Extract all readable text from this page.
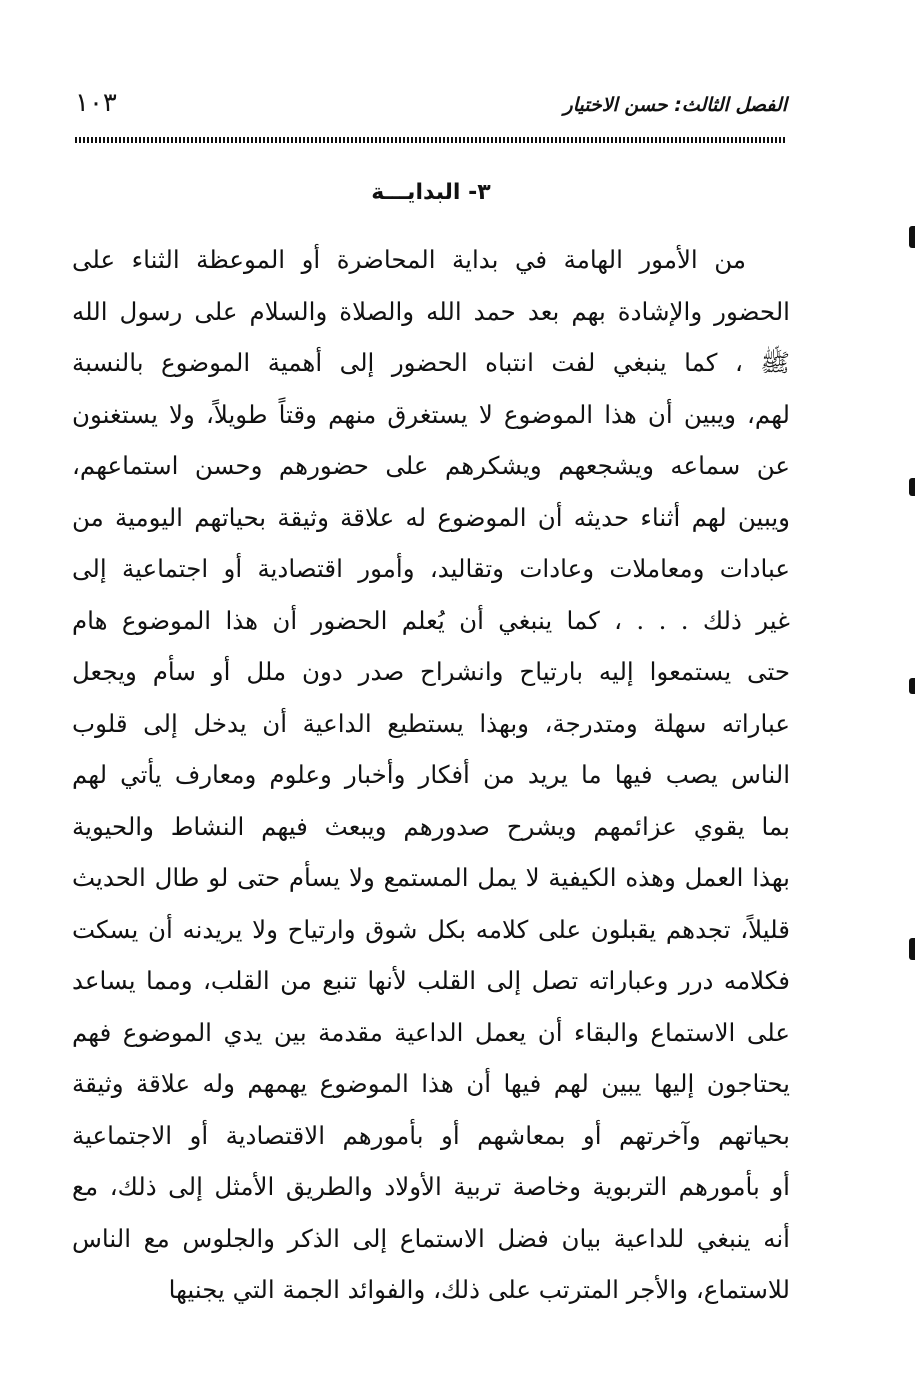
الفصل الثالث: حسن الاختيار
١٠٣
٣- البدايـــة
من الأمور الهامة في بداية المحاضرة أو الموعظة الثناء على
الحضور والإشادة بهم بعد حمد الله والصلاة والسلام على رسول الله
ﷺ ، كما ينبغي لفت انتباه الحضور إلى أهمية الموضوع بالنسبة
لهم، ويبين أن هذا الموضوع لا يستغرق منهم وقتاً طويلاً، ولا يستغنون
عن سماعه ويشجعهم ويشكرهم على حضورهم وحسن استماعهم،
ويبين لهم أثناء حديثه أن الموضوع له علاقة وثيقة بحياتهم اليومية من
عبادات ومعاملات وعادات وتقاليد، وأمور اقتصادية أو اجتماعية إلى
غير ذلك . . . ، كما ينبغي أن يُعلم الحضور أن هذا الموضوع هام
حتى يستمعوا إليه بارتياح وانشراح صدر دون ملل أو سأم ويجعل
عباراته سهلة ومتدرجة، وبهذا يستطيع الداعية أن يدخل إلى قلوب
الناس يصب فيها ما يريد من أفكار وأخبار وعلوم ومعارف يأتي لهم
بما يقوي عزائمهم ويشرح صدورهم ويبعث فيهم النشاط والحيوية
بهذا العمل وهذه الكيفية لا يمل المستمع ولا يسأم حتى لو طال الحديث
قليلاً، تجدهم يقبلون على كلامه بكل شوق وارتياح ولا يريدنه أن يسكت
فكلامه درر وعباراته تصل إلى القلب لأنها تنبع من القلب، ومما يساعد
على الاستماع والبقاء أن يعمل الداعية مقدمة بين يدي الموضوع فهم
يحتاجون إليها يبين لهم فيها أن هذا الموضوع يهمهم وله علاقة وثيقة
بحياتهم وآخرتهم أو بمعاشهم أو بأمورهم الاقتصادية أو الاجتماعية
أو بأمورهم التربوية وخاصة تربية الأولاد والطريق الأمثل إلى ذلك، مع
أنه ينبغي للداعية بيان فضل الاستماع إلى الذكر والجلوس مع الناس
للاستماع، والأجر المترتب على ذلك، والفوائد الجمة التي يجنيها
